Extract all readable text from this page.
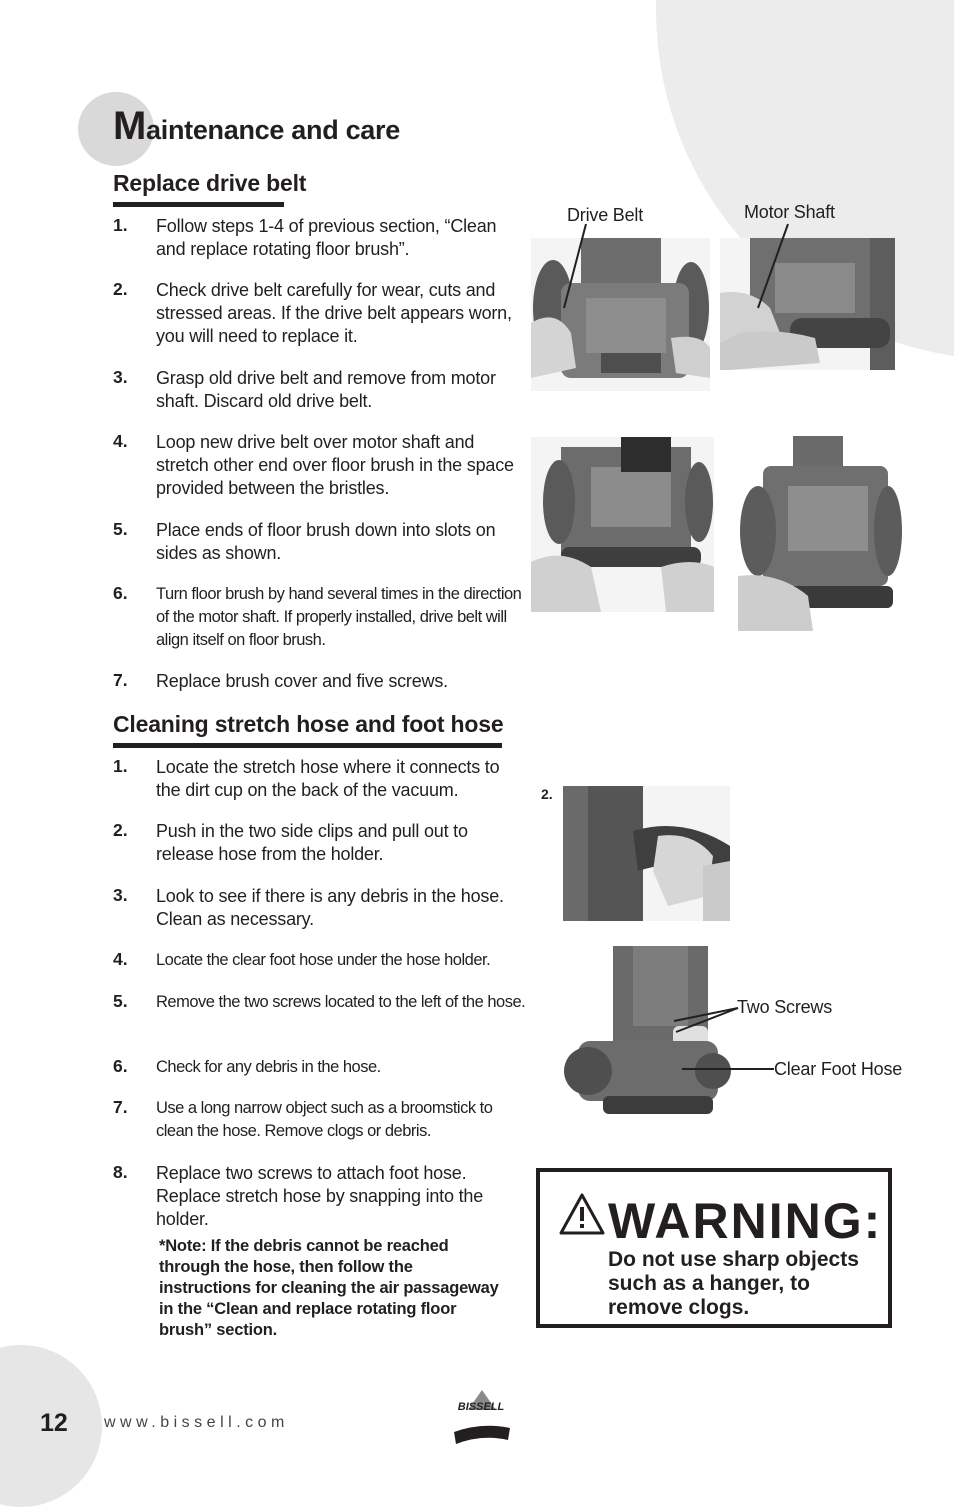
Maintenance and care
Replace drive belt
1. Follow steps 1-4 of previous section, “Clean and replace rotating floor brush”.
2. Check drive belt carefully for wear, cuts and stressed areas. If the drive belt appears worn, you will need to replace it.
3. Grasp old drive belt and remove from motor shaft. Discard old drive belt.
4. Loop new drive belt over motor shaft and stretch other end over floor brush in the space provided between the bristles.
5. Place ends of floor brush down into slots on sides as shown.
6. Turn floor brush by hand several times in the direction of the motor shaft. If properly installed, drive belt will align itself on floor brush.
7. Replace brush cover and five screws.
Cleaning stretch hose and foot hose
1. Locate the stretch hose where it connects to the dirt cup on the back of the vacuum.
2. Push in the two side clips and pull out to release hose from the holder.
3. Look to see if there is any debris in the hose. Clean as necessary.
4. Locate the clear foot hose under the hose holder.
5. Remove the two screws located to the left of the hose.
6. Check for any debris in the hose.
7. Use a long narrow object such as a broomstick to clean the hose. Remove clogs or debris.
8. Replace two screws to attach foot hose. Replace stretch hose by snapping into the holder.
*Note: If the debris cannot be reached through the hose, then follow the instructions for cleaning the air passageway in the “Clean and replace rotating floor brush” section.
Drive Belt	Motor Shaft
2.
Two Screws
Clear Foot Hose
WARNING:
Do not use sharp objects such as a hanger, to remove clogs.
12 www.bissell.com
BISSELL
